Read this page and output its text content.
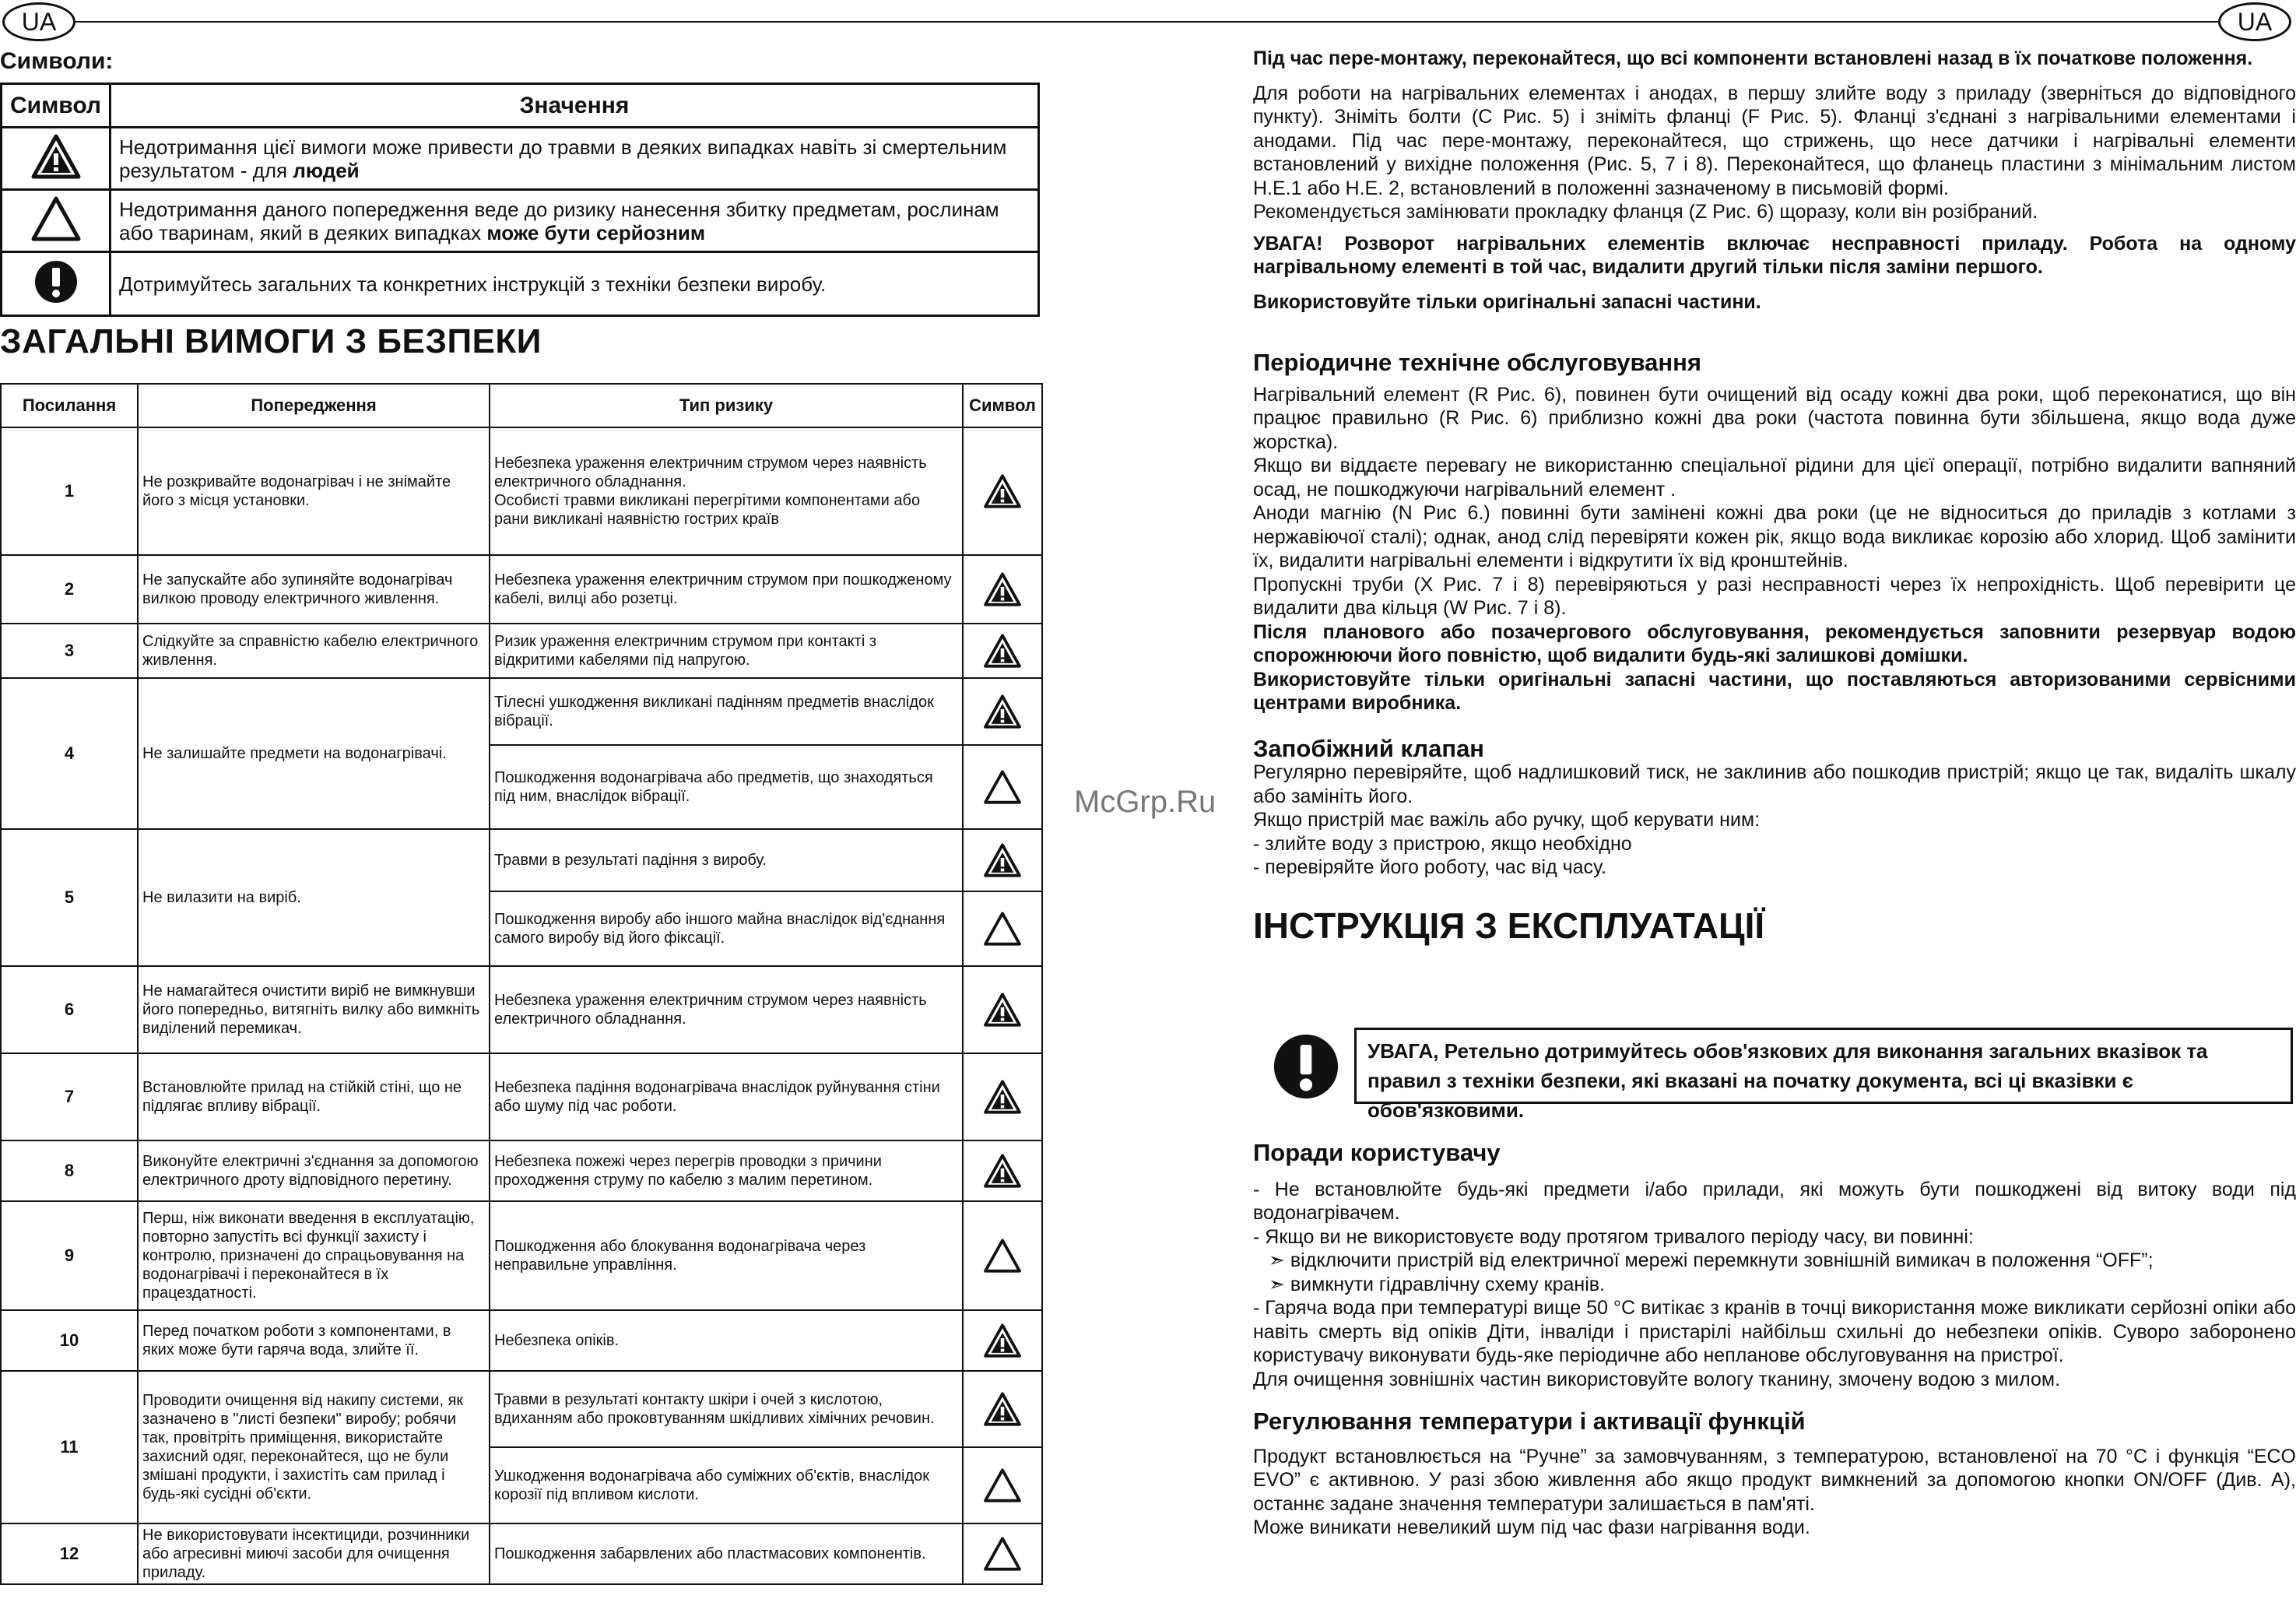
UA	UA
Символи:
Символ	Значення
	Недотримання цієї вимоги може привести до травми в деяких випадках навіть зі смертельним результатом - для людей
	Недотримання даного попередження веде до ризику нанесення збитку предметам, рослинам або тваринам, який в деяких випадках може бути серйозним
	Дотримуйтесь загальних та конкретних інструкцій з техніки безпеки виробу.
ЗАГАЛЬНІ ВИМОГИ З БЕЗПЕКИ
Посилання	Попередження	Тип ризику	Символ
1	Не розкривайте водонагрівач і не знімайте його з місця установки.	Небезпека ураження електричним струмом через наявність електричного обладнання.
Особисті травми викликані перегрітими компонентами або рани викликані наявністю гострих країв	

2	Не запускайте або зупиняйте водонагрівач вилкою проводу електричного живлення.	Небезпека ураження електричним струмом при пошкодженому кабелі, вилці або розетці.	

3	Слідкуйте за справністю кабелю електричного живлення.	Ризик ураження електричним струмом при контакті з відкритими кабелями під напругою.	

4	Не залишайте предмети на водонагрівачі.	Тілесні ушкодження викликані падінням предметів внаслідок вібрації.	

		Пошкодження водонагрівача або предметів, що знаходяться під ним, внаслідок вібрації.	

5	Не вилазити на виріб.	Травми в результаті падіння з виробу.	

		Пошкодження виробу або іншого майна внаслідок від'єднання самого виробу від його фіксації.	

6	Не намагайтеся очистити виріб не вимкнувши його попередньо, витягніть вилку або вимкніть виділений перемикач.	Небезпека ураження електричним струмом через наявність електричного обладнання.	

7	Встановлюйте прилад на стійкій стіні, що не підлягає впливу вібрації.	Небезпека падіння водонагрівача внаслідок руйнування стіни або шуму під час роботи.	

8	Виконуйте електричні з'єднання за допомогою електричного дроту відповідного перетину.	Небезпека пожежі через перегрів проводки з причини проходження струму по кабелю з малим перетином.	

9	Перш, ніж виконати введення в експлуатацію, повторно запустіть всі функції захисту і контролю, призначені до спрацьовування на водонагрівачі і переконайтеся в їх працездатності.	Пошкодження або блокування водонагрівача через неправильне управління.	

10	Перед початком роботи з компонентами, в яких може бути гаряча вода, злийте її.	Небезпека опіків.	

11	Проводити очищення від накипу системи, як зазначено в "листі безпеки" виробу; робячи так, провітріть приміщення, використайте захисний одяг, переконайтеся, що не були змішані продукти, і захистіть сам прилад і будь-які сусідні об'єкти.	Травми в результаті контакту шкіри і очей з кислотою, вдиханням або проковтуванням шкідливих хімічних речовин.	

		Ушкодження водонагрівача або суміжних об'єктів, внаслідок корозії під впливом кислоти.	

12	Не використовувати інсектициди, розчинники або агресивні миючі засоби для очищення приладу.	Пошкодження забарвлених або пластмасових компонентів.	
McGrp.Ru

Під час пере-монтажу, переконайтеся, що всі компоненти встановлені назад в їх початкове положення.

Для роботи на нагрівальних елементах і анодах, в першу злийте воду з приладу (зверніться до відповідного пункту). Зніміть болти (C Рис. 5) і зніміть фланці (F Рис. 5). Фланці з'єднані з нагрівальними елементами і анодами. Під час пере-монтажу, переконайтеся, що стрижень, що несе датчики і нагрівальні елементи встановлений у вихідне положення (Рис. 5, 7 і 8). Переконайтеся, що фланець пластини з мінімальним листом H.E.1 або H.E. 2, встановлений в положенні зазначеному в письмовій формі.

Рекомендується замінювати прокладку фланця (Z Рис. 6) щоразу, коли він розібраний.

УВАГА! Розворот нагрівальних елементів включає несправності приладу. Робота на одному нагрівальному елементі в той час, видалити другий тільки після заміни першого.

Використовуйте тільки оригінальні запасні частини.

Періодичне технічне обслуговування

Нагрівальний елемент (R Рис. 6), повинен бути очищений від осаду кожні два роки, щоб переконатися, що він працює правильно (R Рис. 6) приблизно кожні два роки (частота повинна бути збільшена, якщо вода дуже жорстка).

Якщо ви віддаєте перевагу не використанню спеціальної рідини для цієї операції, потрібно видалити вапняний осад, не пошкоджуючи нагрівальний елемент .

Аноди магнію (N Рис 6.) повинні бути замінені кожні два роки (це не відноситься до приладів з котлами з нержавіючої сталі); однак, анод слід перевіряти кожен рік, якщо вода викликає корозію або хлорид. Щоб замінити їх, видалити нагрівальні елементи і відкрутити їх від кронштейнів.

Пропускні труби (X Рис. 7 і 8) перевіряються у разі несправності через їх непрохідність. Щоб перевірити це видалити два кільця (W Рис. 7 і 8).

Після планового або позачергового обслуговування, рекомендується заповнити резервуар водою спорожнюючи його повністю, щоб видалити будь-які залишкові домішки.

Використовуйте тільки оригінальні запасні частини, що поставляються авторизованими сервісними центрами виробника.

Запобіжний клапан

Регулярно перевіряйте, щоб надлишковий тиск, не заклинив або пошкодив пристрій; якщо це так, видаліть шкалу або замініть його.

Якщо пристрій має важіль або ручку, щоб керувати ним:

- злийте воду з пристрою, якщо необхідно

- перевіряйте його роботу, час від часу.

ІНСТРУКЦІЯ З ЕКСПЛУАТАЦІЇ
УВАГА, Ретельно дотримуйтесь обов'язкових для виконання загальних вказівок та правил з техніки безпеки, які вказані на початку документа, всі ці вказівки є обов'язковими.
Поради користувачу

- Не встановлюйте будь-які предмети і/або прилади, які можуть бути пошкоджені від витоку води під водонагрівачем.

- Якщо ви не використовуєте воду протягом тривалого періоду часу, ви повинні:

➣ відключити пристрій від електричної мережі перемкнути зовнішній вимикач в положення “OFF”;

➣ вимкнути гідравлічну схему кранів.

- Гаряча вода при температурі вище 50 °C витікає з кранів в точці використання може викликати серйозні опіки або навіть смерть від опіків Діти, інваліди і пристарілі найбільш схильні до небезпеки опіків. Суворо заборонено користувачу виконувати будь-яке періодичне або непланове обслуговування на пристрої.

Для очищення зовнішніх частин використовуйте вологу тканину, змочену водою з милом.

Регулювання температури і активації функцій

Продукт встановлюється на “Ручне” за замовчуванням, з температурою, встановленої на 70 °C і функція “ECO EVO” є активною. У разі збою живлення або якщо продукт вимкнений за допомогою кнопки ON/OFF (Див. A), останнє задане значення температури залишається в пам'яті.

Може виникати невеликий шум під час фази нагрівання води.
